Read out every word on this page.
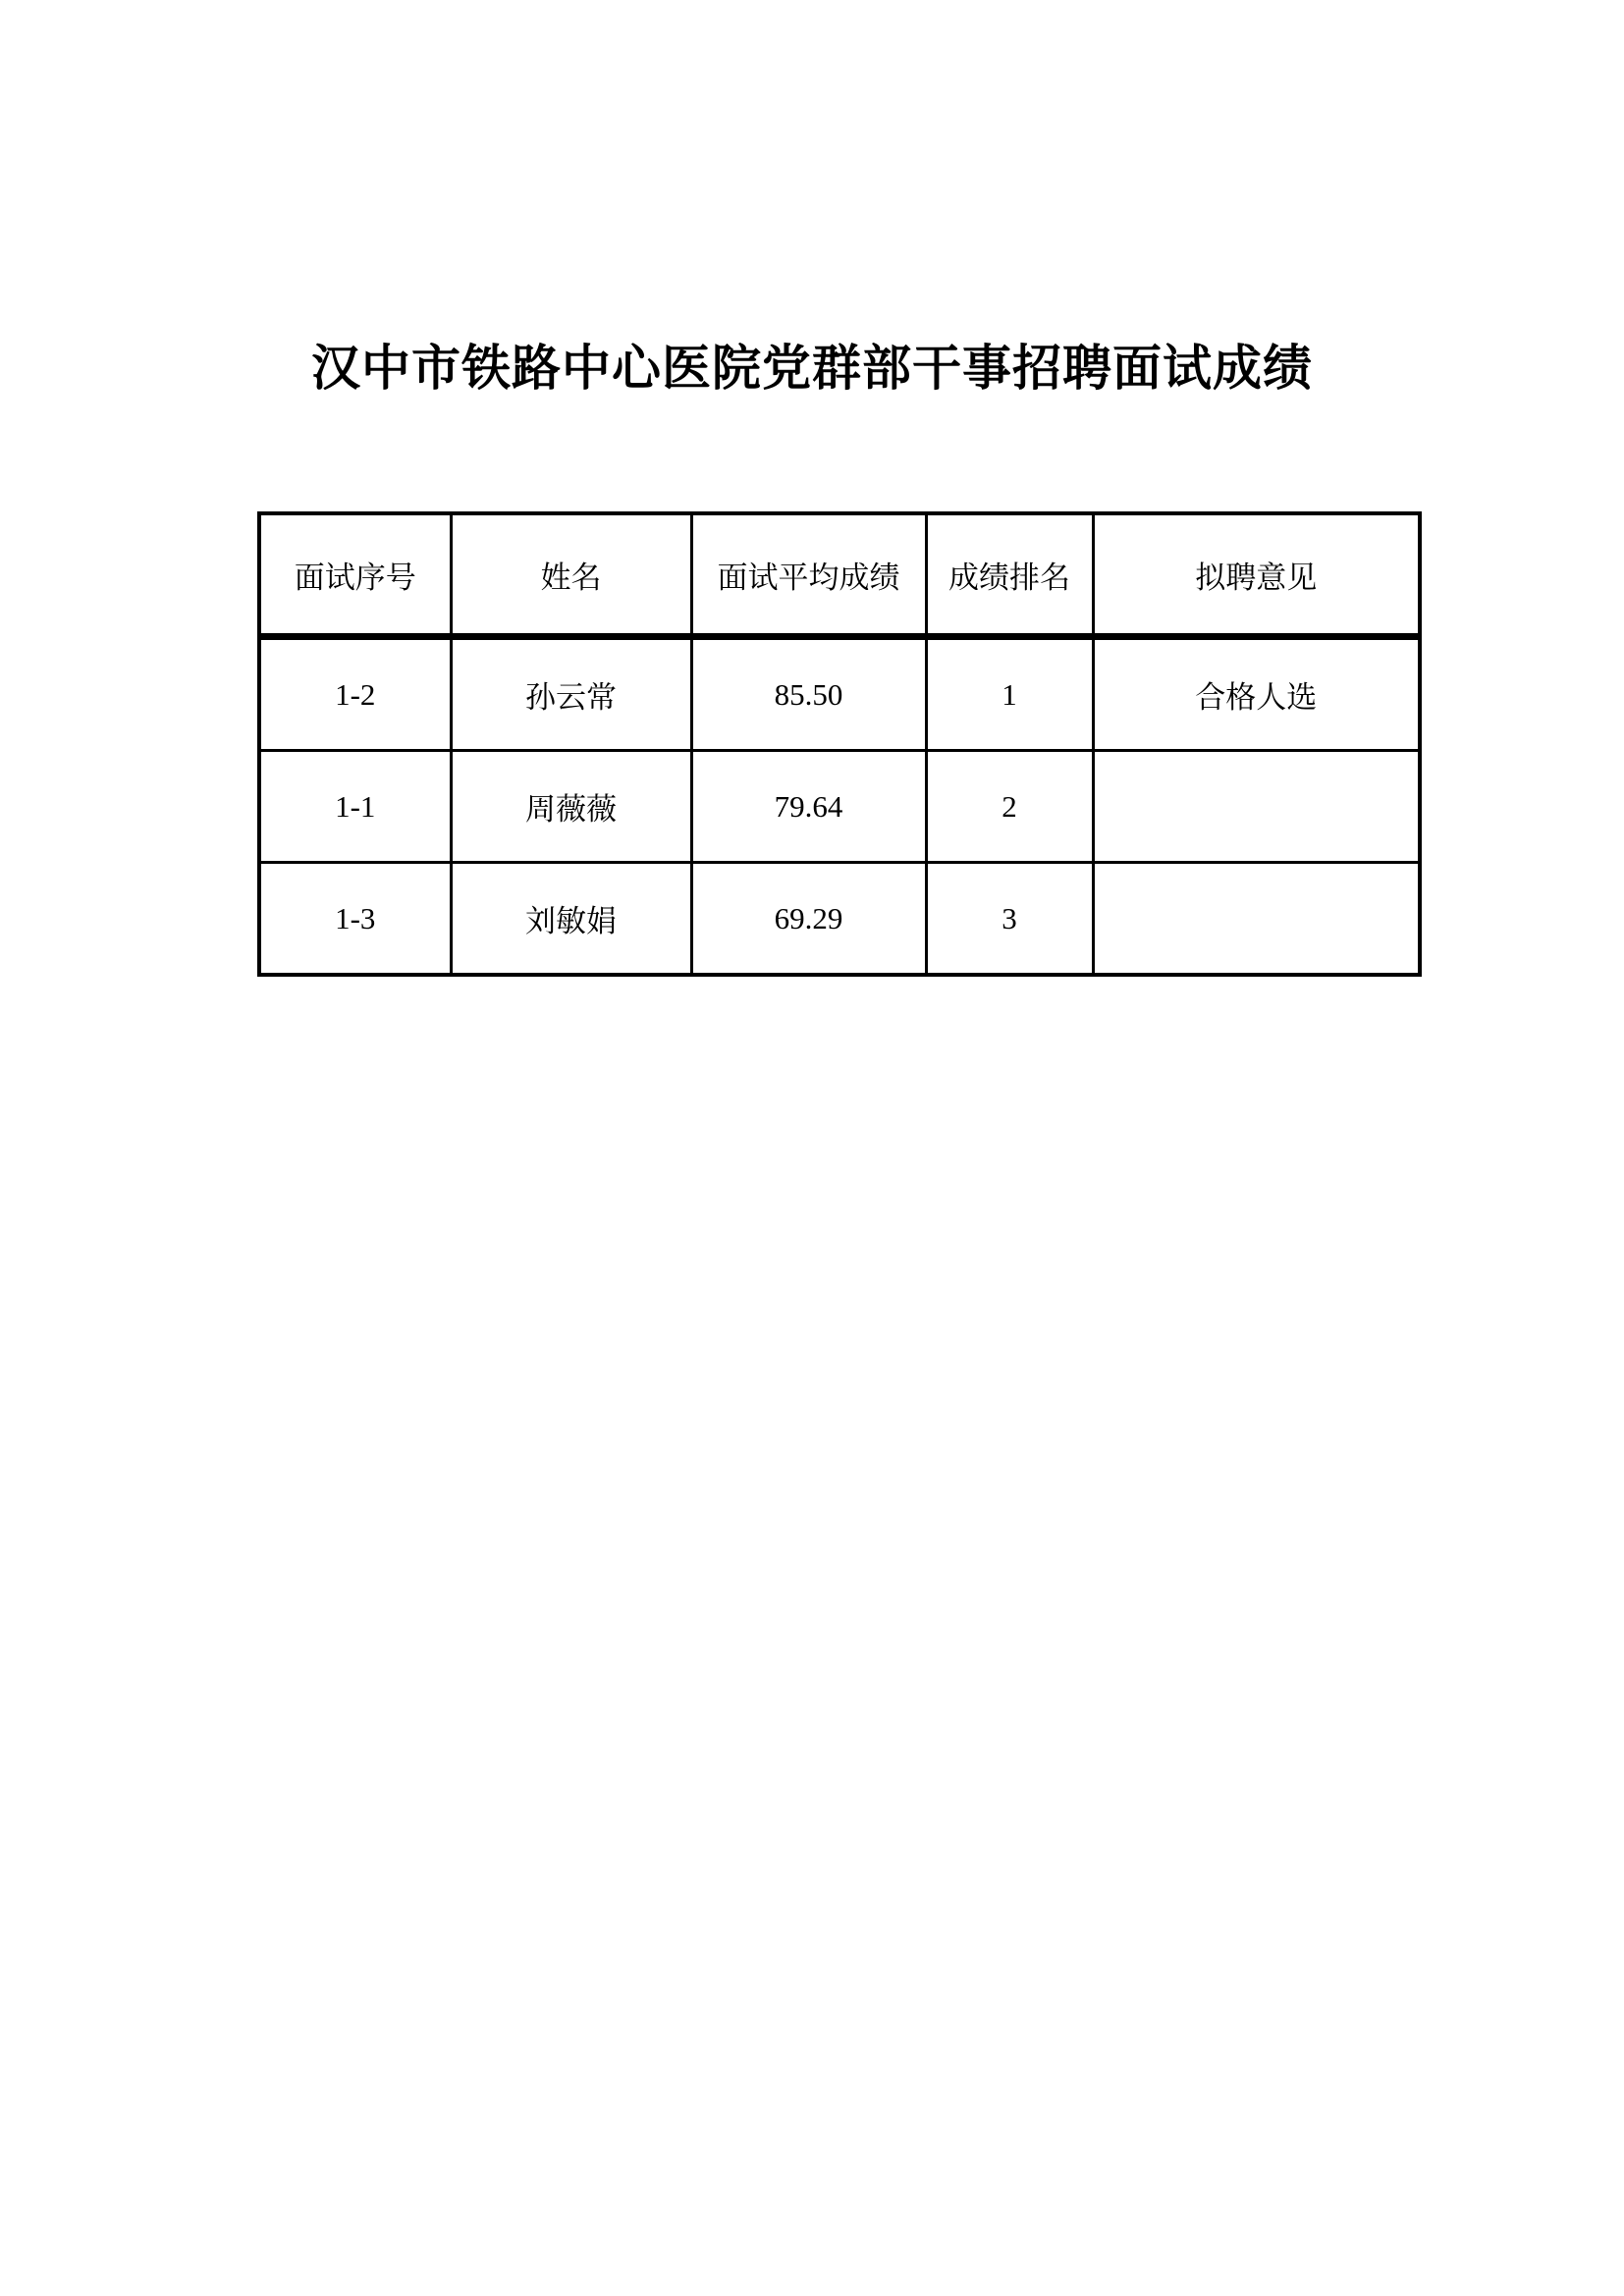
汉中市铁路中心医院党群部干事招聘面试成绩
面试序号	姓名	面试平均成绩	成绩排名	拟聘意见
1-2	孙云常	85.50	1	合格人选
1-1	周薇薇	79.64	2	
1-3	刘敏娟	69.29	3	
